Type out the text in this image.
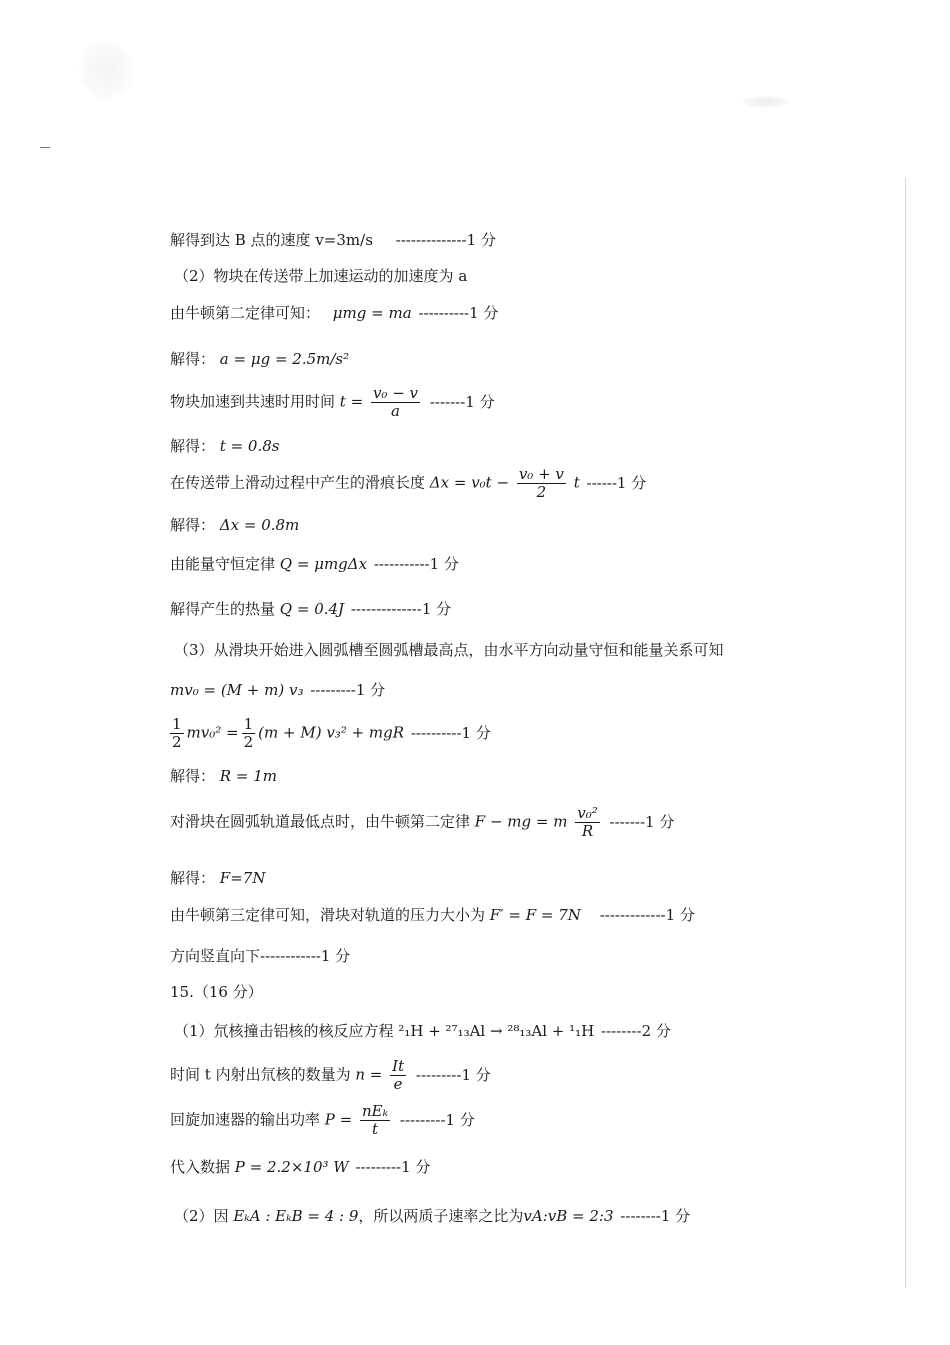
解得到达 B 点的速度 v=3m/s --------------1 分
（2）物块在传送带上加速运动的加速度为 a
由牛顿第二定律可知： μmg = ma ----------1 分
解得： a = μg = 2.5m/s²
物块加速到共速时用时间 $t = \frac{\text{v₀ − v}}{a} -------1$ 分
解得： t = 0.8s
在传送带上滑动过程中产生的滑痕长度 $\Delta x = v_0t - \frac{\text{v₀ + v}}{2}$ t ------1 分
解得： Δx = 0.8m
由能量守恒定律 Q = μmgΔx -----------1 分
解得产生的热量 Q = 0.4J --------------1 分
（3）从滑块开始进入圆弧槽至圆弧槽最高点，由水平方向动量守恒和能量关系可知
mv₀ = (M + m) v₃ ---------1 分
$\frac{1}{2} mv_0^2 = \frac{1}{2} (m + M) v_3^2$ + mgR ----------1 分
解得： R = 1m
对滑块在圆弧轨道最低点时，由牛顿第二定律 F − mg = m $\frac{\text{v₀²}}{R} -------1$ 分
解得： F=7N
由牛顿第三定律可知，滑块对轨道的压力大小为 F′ = F = 7N -------------1 分
方向竖直向下------------1 分
15.（16 分）
（1）氘核撞击铝核的核反应方程 ²₁H + ²⁷₁₃Al → ²⁸₁₃Al + ¹₁H --------2 分
时间 t 内射出氘核的数量为 $n = \frac{It}{e} ---------1$ 分
回旋加速器的输出功率 $P = \frac{\text{nEₖ}}{t} ---------1$ 分
代入数据 P = 2.2×10³ W ---------1 分
（2）因 EₖA : EₖB = 4 : 9，所以两质子速率之比为vA:vB = 2:3 --------1 分
